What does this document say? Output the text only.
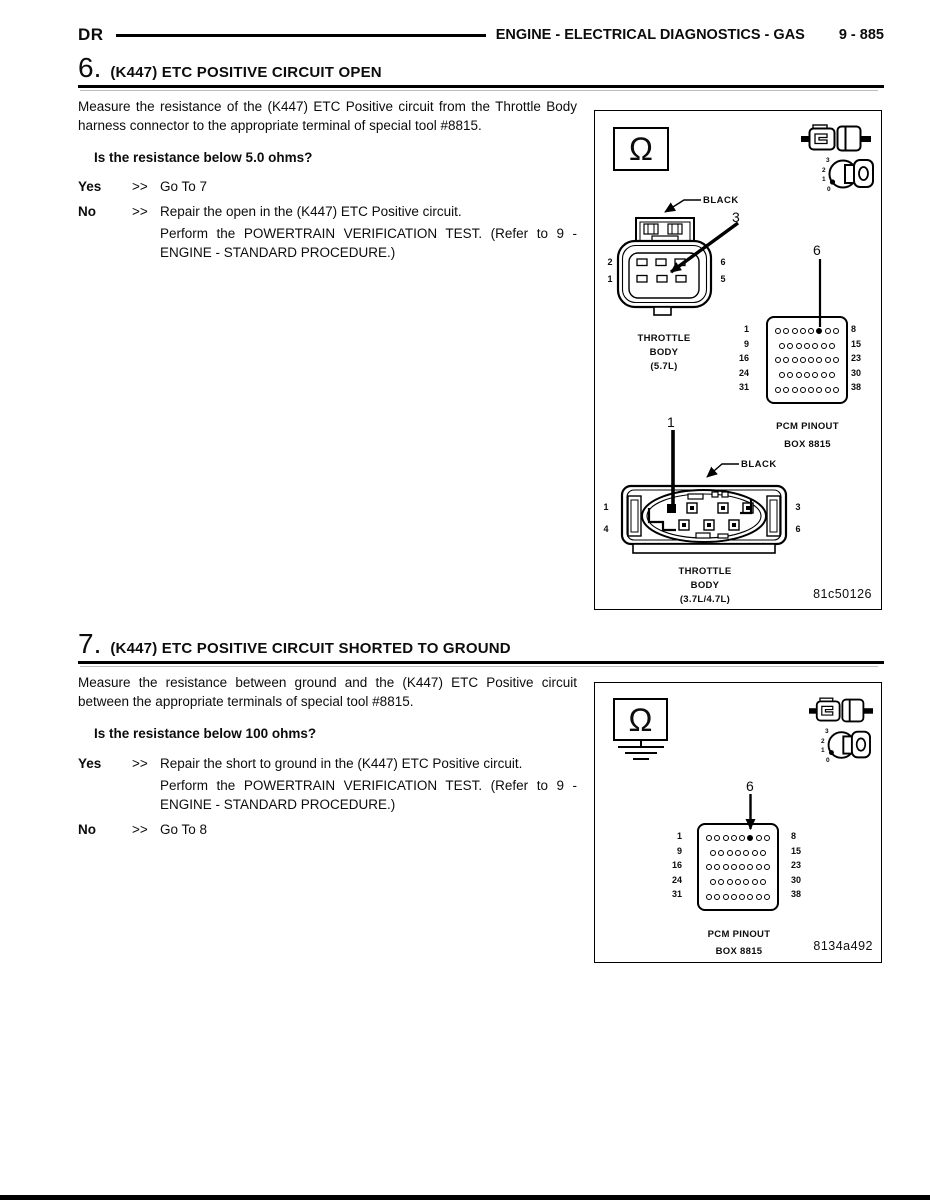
DR	ENGINE - ELECTRICAL DIAGNOSTICS - GAS 9 - 885
6. (K447) ETC POSITIVE CIRCUIT OPEN

Measure the resistance of the (K447) ETC Positive circuit from the Throttle Body harness connector to the appropriate terminal of special tool #8815.

Is the resistance below 5.0 ohms?
Yes	>> Go To 7

No	>> Repair the open in the (K447) ETC Positive circuit.

Perform the POWERTRAIN VERIFICATION TEST. (Refer to 9 - ENGINE - STANDARD PROCEDURE.)

Ω	3
2
1
0
BLACK
2
1
6
5
3
6
1
THROTTLE
BODY
(5.7L)
1
9
16
24
31
8
15
23
30
38
PCM PINOUT
BOX 8815
BLACK
1
4
3
6
THROTTLE
BODY
(3.7L/4.7L)	81c50126
7. (K447) ETC POSITIVE CIRCUIT SHORTED TO GROUND

Measure the resistance between ground and the (K447) ETC Positive circuit between the appropriate terminals of special tool #8815.

Is the resistance below 100 ohms?
Yes	>> Repair the short to ground in the (K447) ETC Positive circuit.

Perform the POWERTRAIN VERIFICATION TEST. (Refer to 9 - ENGINE - STANDARD PROCEDURE.)

No	>> Go To 8

Ω	3
2
1
0
6
1
9
16
24
31
8
15
23
30
38
PCM PINOUT
BOX 8815	8134a492
